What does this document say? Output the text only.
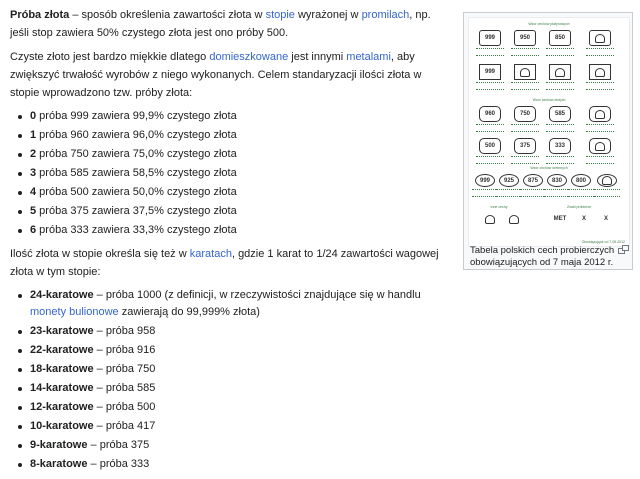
Próba złota – sposób określenia zawartości złota w stopie wyrażonej w promilach, np. jeśli stop zawiera 50% czystego złota jest ono próby 500.

Czyste złoto jest bardzo miękkie dlatego domieszkowane jest innymi metalami, aby zwiększyć trwałość wyrobów z niego wykonanych. Celem standaryzacji ilości złota w stopie wprowadzono tzw. próby złota:

0 próba 999 zawiera 99,9% czystego złota
1 próba 960 zawiera 96,0% czystego złota
2 próba 750 zawiera 75,0% czystego złota
3 próba 585 zawiera 58,5% czystego złota
4 próba 500 zawiera 50,0% czystego złota
5 próba 375 zawiera 37,5% czystego złota
6 próba 333 zawiera 33,3% czystego złota

Ilość złota w stopie określa się też w karatach, gdzie 1 karat to 1/24 zawartości wagowej złota w tym stopie:

24-karatowe – próba 1000 (z definicji, w rzeczywistości znajdujące się w handlu monety bulionowe zawierają do 99,999% złota)
23-karatowe – próba 958
22-karatowe – próba 916
18-karatowe – próba 750
14-karatowe – próba 585
12-karatowe – próba 500
10-karatowe – próba 417
9-karatowe – próba 375
8-karatowe – próba 333
Wzór cechów platynowych
Wzór cechów złotych
Wzór cechów srebrnych
Inne cechy	Znaki próbierze
Obowiązujące od 7.05.2012
999	950	850
999
960	750	585
500	375	333
999	925	875	830	800
MET	X	X
Tabela polskich cech probierczych obowiązujących od 7 maja 2012 r.
